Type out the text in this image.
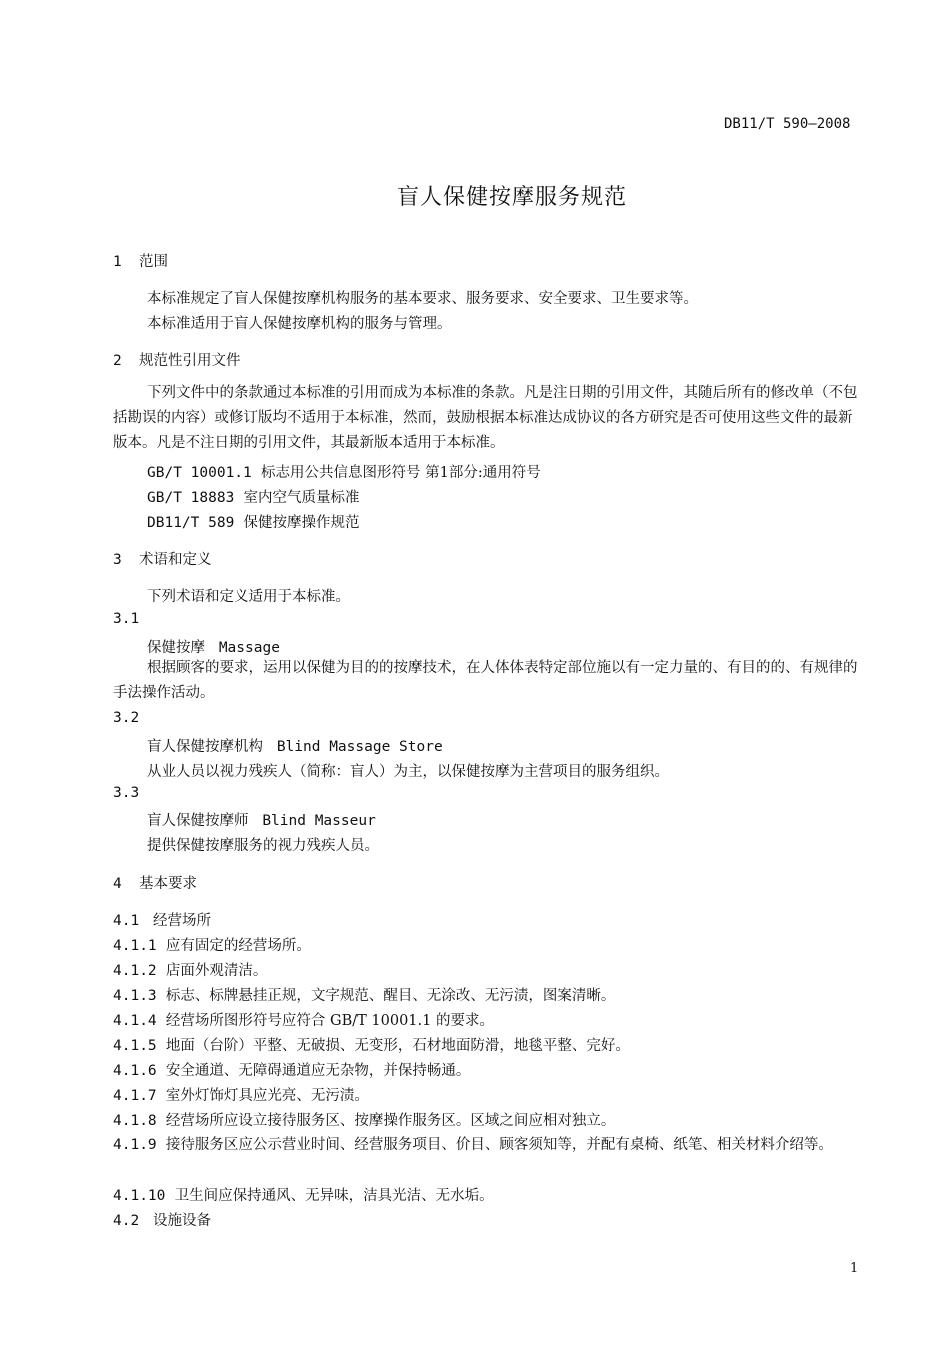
DB11/T 590—2008
盲人保健按摩服务规范
1 范围
本标准规定了盲人保健按摩机构服务的基本要求、服务要求、安全要求、卫生要求等。
本标准适用于盲人保健按摩机构的服务与管理。
2 规范性引用文件
下列文件中的条款通过本标准的引用而成为本标准的条款。凡是注日期的引用文件，其随后所有的修改单（不包括勘误的内容）或修订版均不适用于本标准，然而，鼓励根据本标准达成协议的各方研究是否可使用这些文件的最新版本。凡是不注日期的引用文件，其最新版本适用于本标准。
GB/T 10001.1 标志用公共信息图形符号 第1部分:通用符号
GB/T 18883 室内空气质量标准
DB11/T 589 保健按摩操作规范
3 术语和定义
下列术语和定义适用于本标准。
3.1
保健按摩 Massage
根据顾客的要求，运用以保健为目的的按摩技术，在人体体表特定部位施以有一定力量的、有目的的、有规律的手法操作活动。
3.2
盲人保健按摩机构 Blind Massage Store
从业人员以视力残疾人（简称：盲人）为主，以保健按摩为主营项目的服务组织。
3.3
盲人保健按摩师 Blind Masseur
提供保健按摩服务的视力残疾人员。
4 基本要求
4.1 经营场所
4.1.1 应有固定的经营场所。
4.1.2 店面外观清洁。
4.1.3 标志、标牌悬挂正规，文字规范、醒目、无涂改、无污渍，图案清晰。
4.1.4 经营场所图形符号应符合 GB/T 10001.1 的要求。
4.1.5 地面（台阶）平整、无破损、无变形，石材地面防滑，地毯平整、完好。
4.1.6 安全通道、无障碍通道应无杂物，并保持畅通。
4.1.7 室外灯饰灯具应光亮、无污渍。
4.1.8 经营场所应设立接待服务区、按摩操作服务区。区域之间应相对独立。
4.1.9 接待服务区应公示营业时间、经营服务项目、价目、顾客须知等，并配有桌椅、纸笔、相关材料介绍等。
4.1.10 卫生间应保持通风、无异味，洁具光洁、无水垢。
4.2 设施设备
1
